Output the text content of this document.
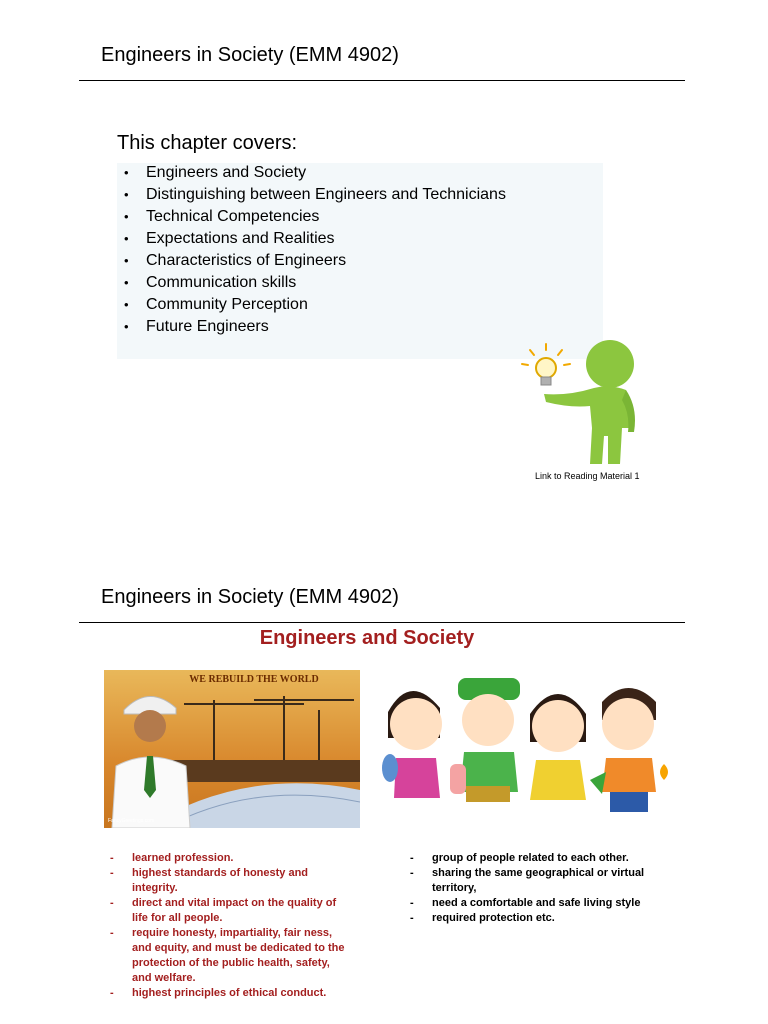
Engineers in Society (EMM 4902)
This chapter covers:
• Engineers and Society
• Distinguishing between Engineers and Technicians
• Technical Competencies
• Expectations and Realities
• Characteristics of Engineers
• Communication skills
• Community Perception
• Future Engineers
Link to Reading Material 1
Engineers in Society (EMM 4902)
Engineers and Society
WE REBUILD THE WORLD
FancyGreetings.com
- learned profession.
- highest standards of honesty and integrity.
- direct and vital impact on the quality of life for all people.
- require honesty, impartiality, fair ness, and equity, and must be dedicated to the protection of the public health, safety, and welfare.
- highest principles of ethical conduct.
- group of people related to each other.
- sharing the same geographical or virtual territory,
- need a comfortable and safe living style
- required protection etc.
